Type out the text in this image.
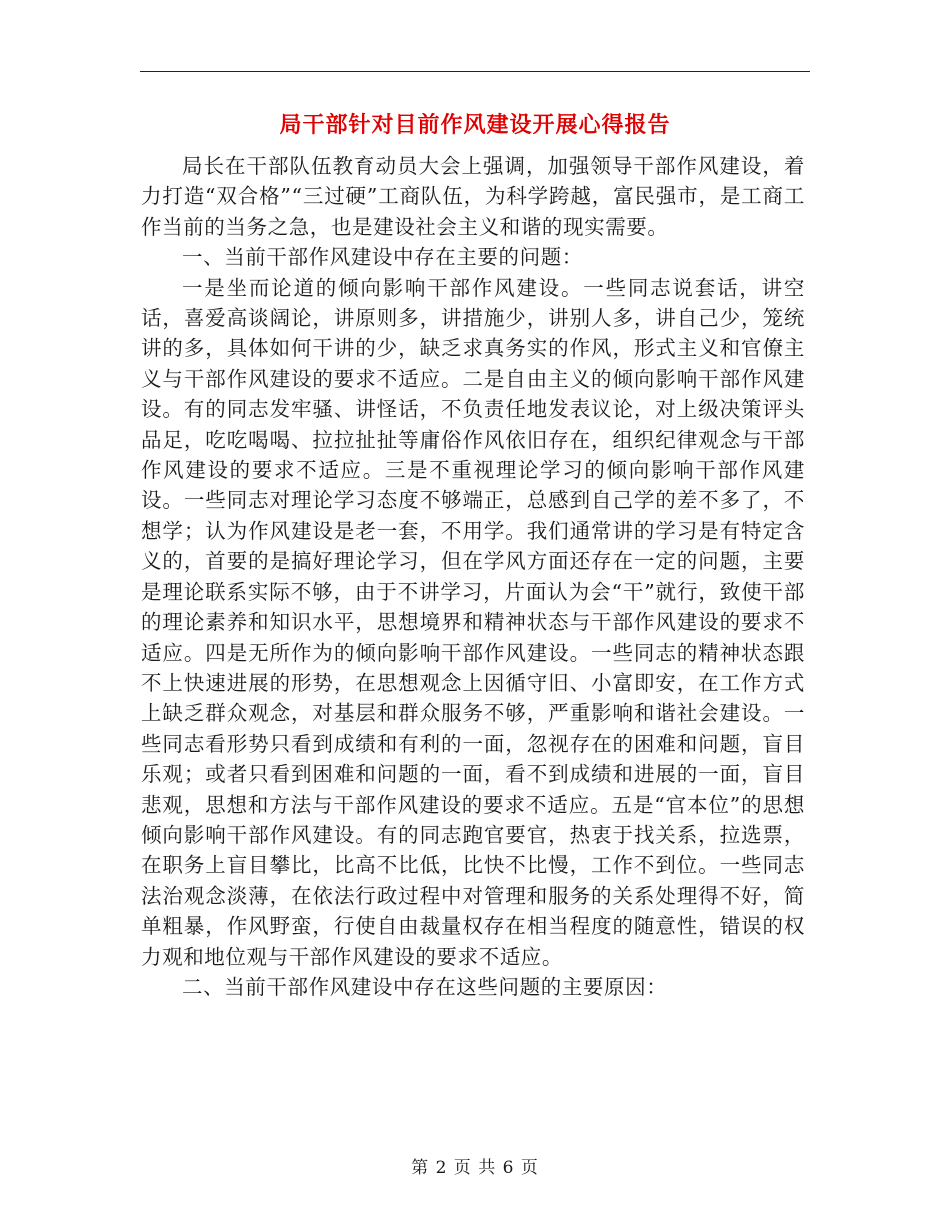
局干部针对目前作风建设开展心得报告

局长在干部队伍教育动员大会上强调，加强领导干部作风建设，着力打造“双合格”“三过硬”工商队伍，为科学跨越，富民强市，是工商工作当前的当务之急，也是建设社会主义和谐的现实需要。

一、当前干部作风建设中存在主要的问题：

一是坐而论道的倾向影响干部作风建设。一些同志说套话，讲空话，喜爱高谈阔论，讲原则多，讲措施少，讲别人多，讲自己少，笼统讲的多，具体如何干讲的少，缺乏求真务实的作风，形式主义和官僚主义与干部作风建设的要求不适应。二是自由主义的倾向影响干部作风建设。有的同志发牢骚、讲怪话，不负责任地发表议论，对上级决策评头品足，吃吃喝喝、拉拉扯扯等庸俗作风依旧存在，组织纪律观念与干部作风建设的要求不适应。三是不重视理论学习的倾向影响干部作风建设。一些同志对理论学习态度不够端正，总感到自己学的差不多了，不想学；认为作风建设是老一套，不用学。我们通常讲的学习是有特定含义的，首要的是搞好理论学习，但在学风方面还存在一定的问题，主要是理论联系实际不够，由于不讲学习，片面认为会“干”就行，致使干部的理论素养和知识水平，思想境界和精神状态与干部作风建设的要求不适应。四是无所作为的倾向影响干部作风建设。一些同志的精神状态跟不上快速进展的形势，在思想观念上因循守旧、小富即安，在工作方式上缺乏群众观念，对基层和群众服务不够，严重影响和谐社会建设。一些同志看形势只看到成绩和有利的一面，忽视存在的困难和问题，盲目乐观；或者只看到困难和问题的一面，看不到成绩和进展的一面，盲目悲观，思想和方法与干部作风建设的要求不适应。五是“官本位”的思想倾向影响干部作风建设。有的同志跑官要官，热衷于找关系，拉选票，在职务上盲目攀比，比高不比低，比快不比慢，工作不到位。一些同志法治观念淡薄，在依法行政过程中对管理和服务的关系处理得不好，简单粗暴，作风野蛮，行使自由裁量权存在相当程度的随意性，错误的权力观和地位观与干部作风建设的要求不适应。

二、当前干部作风建设中存在这些问题的主要原因：

第 2 页 共 6 页
